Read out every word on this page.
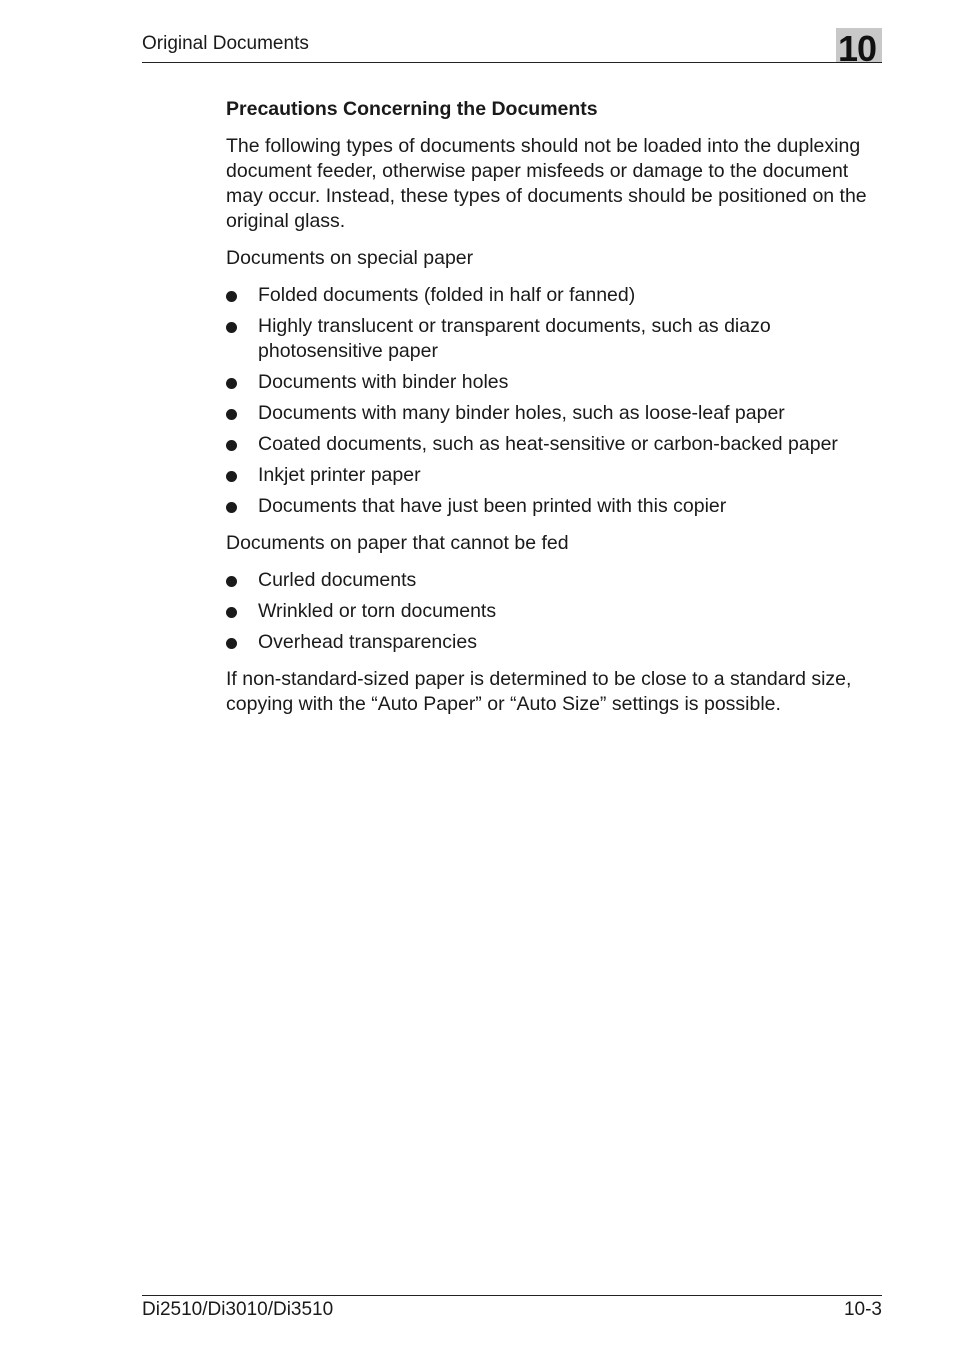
Original Documents	10
Precautions Concerning the Documents
The following types of documents should not be loaded into the duplexing document feeder, otherwise paper misfeeds or damage to the document may occur. Instead, these types of documents should be positioned on the original glass.
Documents on special paper
Folded documents (folded in half or fanned)
Highly translucent or transparent documents, such as diazo photosensitive paper
Documents with binder holes
Documents with many binder holes, such as loose-leaf paper
Coated documents, such as heat-sensitive or carbon-backed paper
Inkjet printer paper
Documents that have just been printed with this copier
Documents on paper that cannot be fed
Curled documents
Wrinkled or torn documents
Overhead transparencies
If non-standard-sized paper is determined to be close to a standard size, copying with the “Auto Paper” or “Auto Size” settings is possible.
Di2510/Di3010/Di3510	10-3
